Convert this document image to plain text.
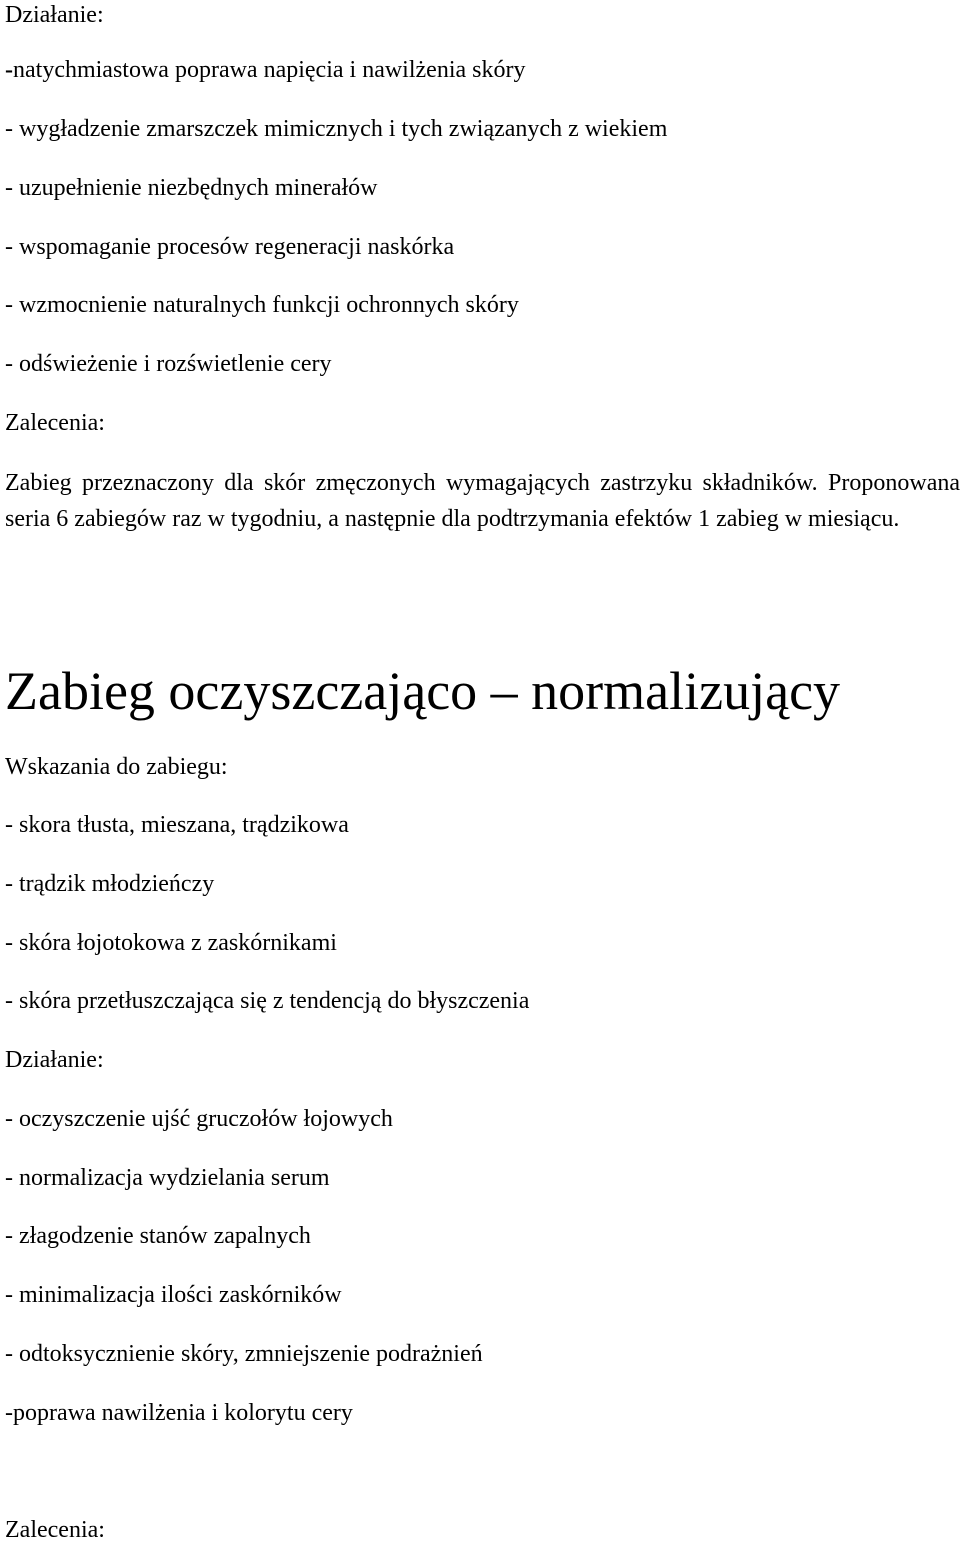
Działanie:
-natychmiastowa poprawa napięcia i nawilżenia skóry
- wygładzenie zmarszczek mimicznych i tych związanych z wiekiem
- uzupełnienie niezbędnych minerałów
- wspomaganie procesów regeneracji naskórka
- wzmocnienie naturalnych funkcji ochronnych skóry
- odświeżenie i rozświetlenie cery
Zalecenia:
Zabieg przeznaczony dla skór zmęczonych wymagających zastrzyku składników. Proponowana seria 6 zabiegów raz w tygodniu, a następnie dla podtrzymania efektów 1 zabieg w miesiącu.
Zabieg oczyszczająco – normalizujący
Wskazania do zabiegu:
- skora tłusta, mieszana, trądzikowa
- trądzik młodzieńczy
- skóra łojotokowa z zaskórnikami
- skóra przetłuszczająca się z tendencją do błyszczenia
Działanie:
- oczyszczenie ujść gruczołów łojowych
- normalizacja wydzielania serum
- złagodzenie stanów zapalnych
- minimalizacja ilości zaskórników
- odtoksycznienie skóry, zmniejszenie podrażnień
-poprawa nawilżenia i kolorytu cery
Zalecenia:
